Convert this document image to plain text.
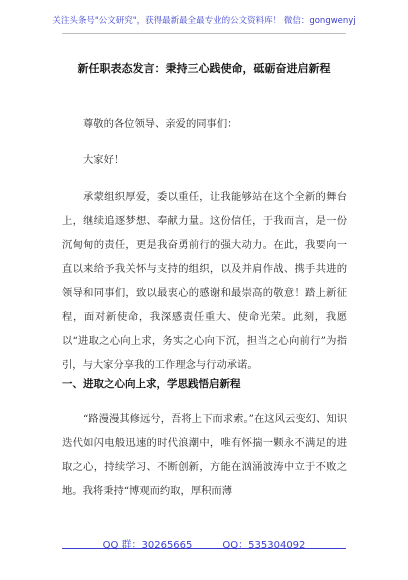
关注头条号"公文研究"，获得最新最全最专业的公文资料库！ 微信：gongwenyj
新任职表态发言：秉持三心践使命，砥砺奋进启新程

尊敬的各位领导、亲爱的同事们：

大家好！

承蒙组织厚爱，委以重任，让我能够站在这个全新的舞台上，继续追逐梦想、奉献力量。这份信任，于我而言，是一份沉甸甸的责任，更是我奋勇前行的强大动力。在此，我要向一直以来给予我关怀与支持的组织，以及并肩作战、携手共进的领导和同事们，致以最衷心的感谢和最崇高的敬意！踏上新征程，面对新使命，我深感责任重大、使命光荣。此刻，我愿以“进取之心向上求，务实之心向下沉，担当之心向前行”为指引，与大家分享我的工作理念与行动承诺。

一、进取之心向上求，学思践悟启新程

“路漫漫其修远兮，吾将上下而求索。”在这风云变幻、知识迭代如闪电般迅速的时代浪潮中，唯有怀揣一颗永不满足的进取之心，持续学习、不断创新，方能在汹涌波涛中立于不败之地。我将秉持“博观而约取，厚积而薄

QQ 群：30265665	QQ：535304092
